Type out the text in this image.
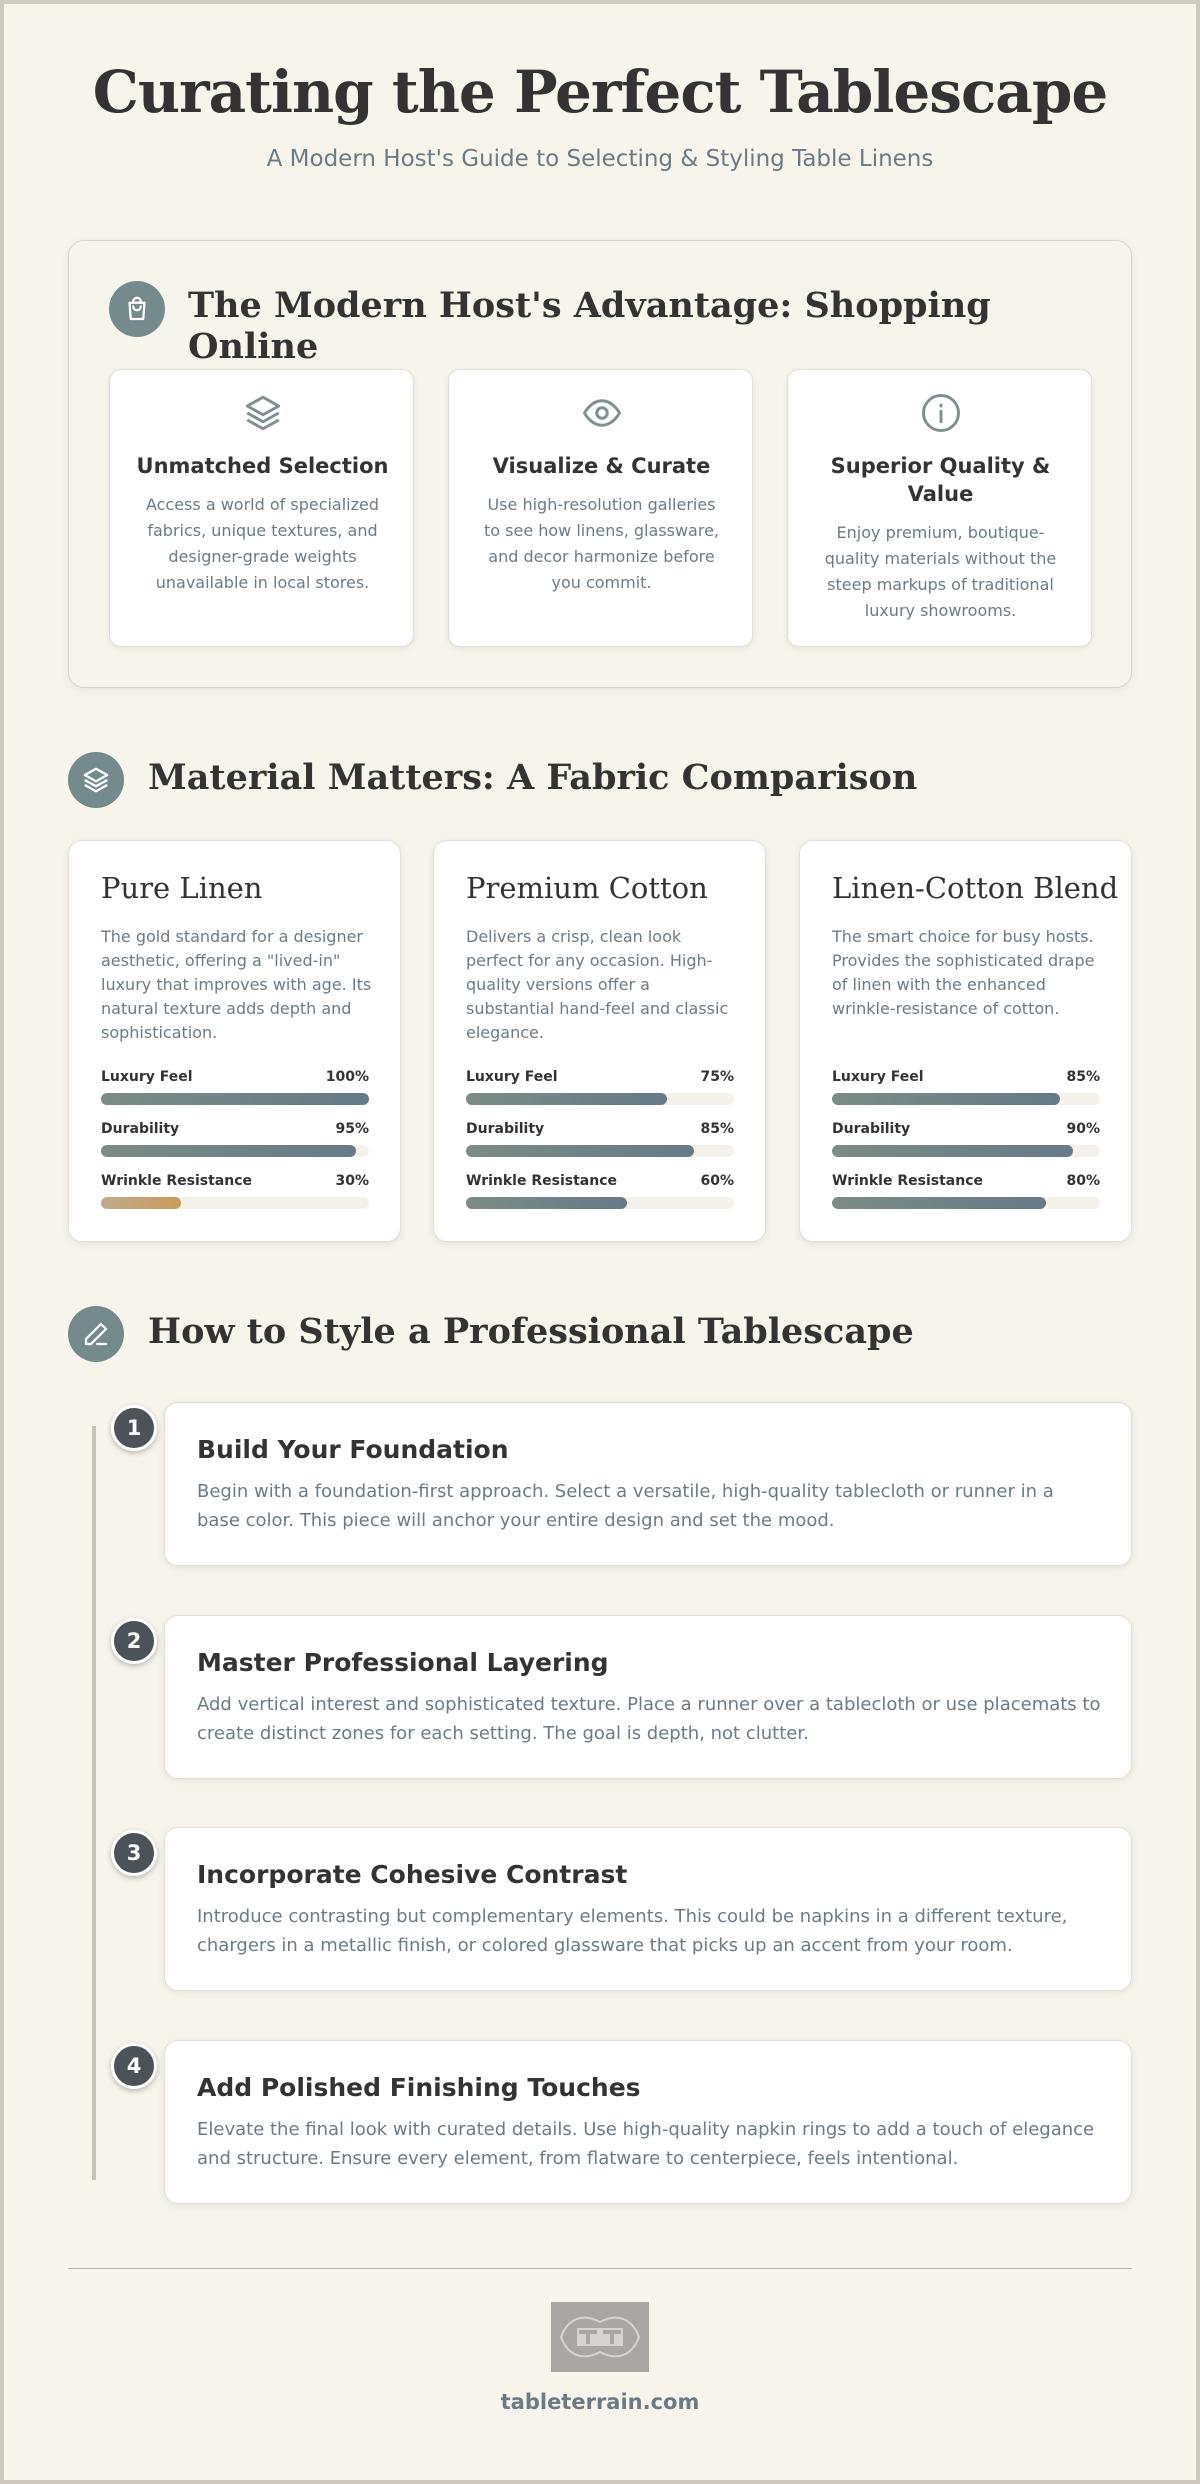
Curating the Perfect Tablescape
A Modern Host's Guide to Selecting & Styling Table Linens
The Modern Host's Advantage: Shopping Online
Unmatched Selection

Access a world of specialized fabrics, unique textures, and designer-grade weights unavailable in local stores.

Visualize & Curate

Use high-resolution galleries to see how linens, glassware, and decor harmonize before you commit.

Superior Quality & Value

Enjoy premium, boutique-quality materials without the steep markups of traditional luxury showrooms.

Material Matters: A Fabric Comparison
Pure Linen

The gold standard for a designer aesthetic, offering a "lived-in" luxury that improves with age. Its natural texture adds depth and sophistication.

Luxury Feel	100%
Durability	95%
Wrinkle Resistance	30%
Premium Cotton

Delivers a crisp, clean look perfect for any occasion. High-quality versions offer a substantial hand-feel and classic elegance.

Luxury Feel	75%
Durability	85%
Wrinkle Resistance	60%
Linen-Cotton Blend

The smart choice for busy hosts. Provides the sophisticated drape of linen with the enhanced wrinkle-resistance of cotton.

Luxury Feel	85%
Durability	90%
Wrinkle Resistance	80%
How to Style a Professional Tablescape
1
Build Your Foundation

Begin with a foundation-first approach. Select a versatile, high-quality tablecloth or runner in a base color. This piece will anchor your entire design and set the mood.

2
Master Professional Layering

Add vertical interest and sophisticated texture. Place a runner over a tablecloth or use placemats to create distinct zones for each setting. The goal is depth, not clutter.

3
Incorporate Cohesive Contrast

Introduce contrasting but complementary elements. This could be napkins in a different texture, chargers in a metallic finish, or colored glassware that picks up an accent from your room.

4
Add Polished Finishing Touches

Elevate the final look with curated details. Use high-quality napkin rings to add a touch of elegance and structure. Ensure every element, from flatware to centerpiece, feels intentional.

tableterrain.com
